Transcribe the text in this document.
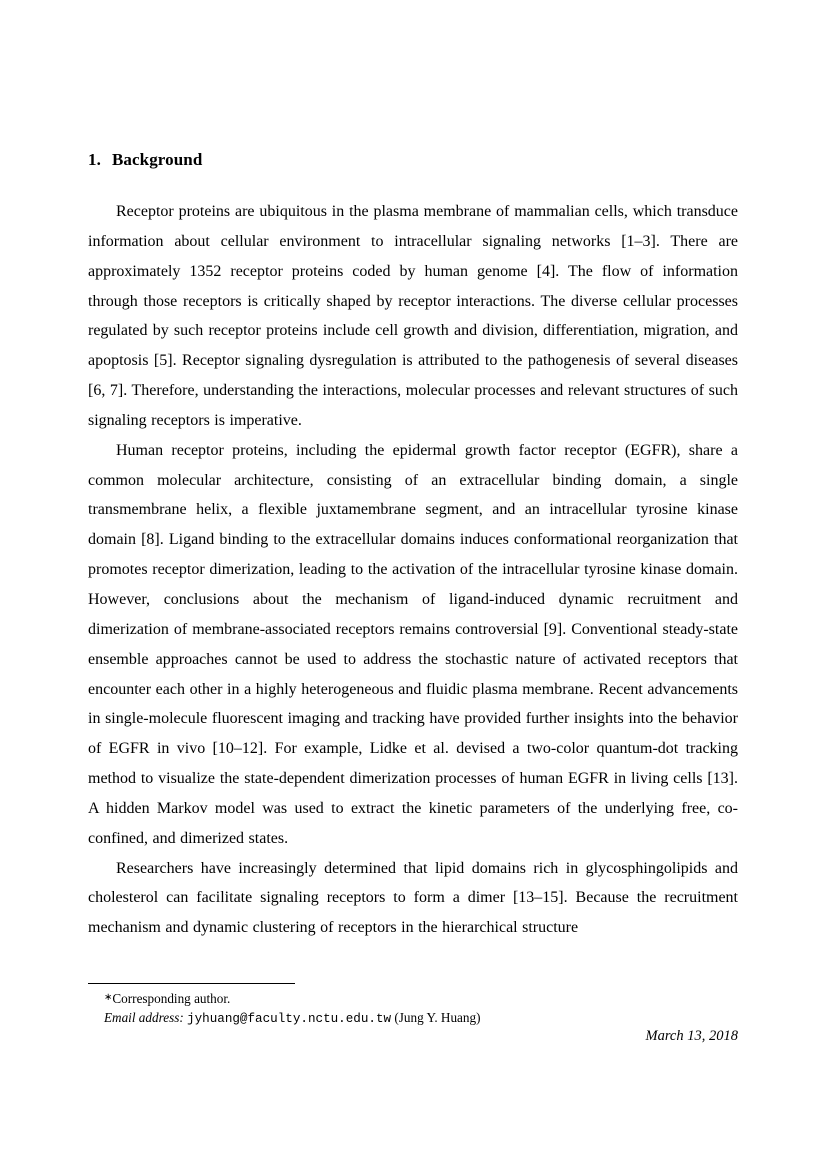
1. Background

Receptor proteins are ubiquitous in the plasma membrane of mammalian cells, which transduce information about cellular environment to intracellular signaling networks [1–3]. There are approximately 1352 receptor proteins coded by human genome [4]. The flow of information through those receptors is critically shaped by receptor interactions. The diverse cellular processes regulated by such receptor proteins include cell growth and division, differentiation, migration, and apoptosis [5]. Receptor signaling dysregulation is attributed to the pathogenesis of several diseases [6, 7]. Therefore, understanding the interactions, molecular processes and relevant structures of such signaling receptors is imperative.

Human receptor proteins, including the epidermal growth factor receptor (EGFR), share a common molecular architecture, consisting of an extracellular binding domain, a single transmembrane helix, a flexible juxtamembrane segment, and an intracellular tyrosine kinase domain [8]. Ligand binding to the extracellular domains induces conformational reorganization that promotes receptor dimerization, leading to the activation of the intracellular tyrosine kinase domain. However, conclusions about the mechanism of ligand-induced dynamic recruitment and dimerization of membrane-associated receptors remains controversial [9]. Conventional steady-state ensemble approaches cannot be used to address the stochastic nature of activated receptors that encounter each other in a highly heterogeneous and fluidic plasma membrane. Recent advancements in single-molecule fluorescent imaging and tracking have provided further insights into the behavior of EGFR in vivo [10–12]. For example, Lidke et al. devised a two-color quantum-dot tracking method to visualize the state-dependent dimerization processes of human EGFR in living cells [13]. A hidden Markov model was used to extract the kinetic parameters of the underlying free, co-confined, and dimerized states.

Researchers have increasingly determined that lipid domains rich in glycosphingolipids and cholesterol can facilitate signaling receptors to form a dimer [13–15]. Because the recruitment mechanism and dynamic clustering of receptors in the hierarchical structure

∗Corresponding author.
Email address: jyhuang@faculty.nctu.edu.tw (Jung Y. Huang)
March 13, 2018
